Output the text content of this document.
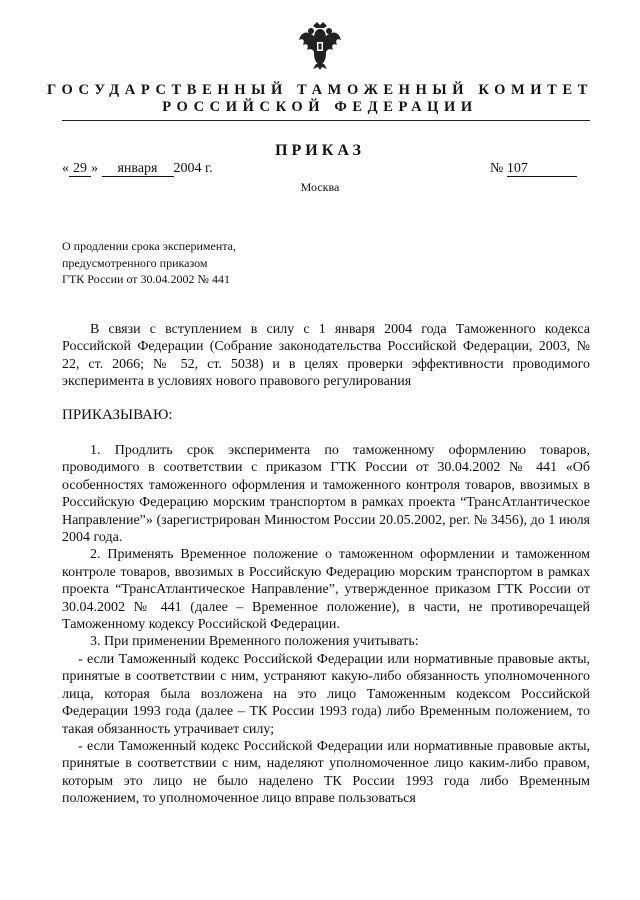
ГОСУДАРСТВЕННЫЙ ТАМОЖЕННЫЙ КОМИТЕТ
РОССИЙСКОЙ ФЕДЕРАЦИИ
ПРИКАЗ
« 29 » января 2004 г.	№ 107
Москва
О продлении срока эксперимента,
предусмотренного приказом
ГТК России от 30.04.2002 № 441

В связи с вступлением в силу с 1 января 2004 года Таможенного кодекса Российской Федерации (Собрание законодательства Российской Федерации, 2003, № 22, ст. 2066; № 52, ст. 5038) и в целях проверки эффективности проводимого эксперимента в условиях нового правового регулирования

ПРИКАЗЫВАЮ:

1. Продлить срок эксперимента по таможенному оформлению товаров, проводимого в соответствии с приказом ГТК России от 30.04.2002 № 441 «Об особенностях таможенного оформления и таможенного контроля товаров, ввозимых в Российскую Федерацию морским транспортом в рамках проекта “ТрансАтлантическое Направление”» (зарегистрирован Минюстом России 20.05.2002, рег. № 3456), до 1 июля 2004 года.

2. Применять Временное положение о таможенном оформлении и таможенном контроле товаров, ввозимых в Российскую Федерацию морским транспортом в рамках проекта “ТрансАтлантическое Направление”, утвержденное приказом ГТК России от 30.04.2002 № 441 (далее – Временное положение), в части, не противоречащей Таможенному кодексу Российской Федерации.

3. При применении Временного положения учитывать:

- если Таможенный кодекс Российской Федерации или нормативные правовые акты, принятые в соответствии с ним, устраняют какую-либо обязанность уполномоченного лица, которая была возложена на это лицо Таможенным кодексом Российской Федерации 1993 года (далее – ТК России 1993 года) либо Временным положением, то такая обязанность утрачивает силу;

- если Таможенный кодекс Российской Федерации или нормативные правовые акты, принятые в соответствии с ним, наделяют уполномоченное лицо каким-либо правом, которым это лицо не было наделено ТК России 1993 года либо Временным положением, то уполномоченное лицо вправе пользоваться
